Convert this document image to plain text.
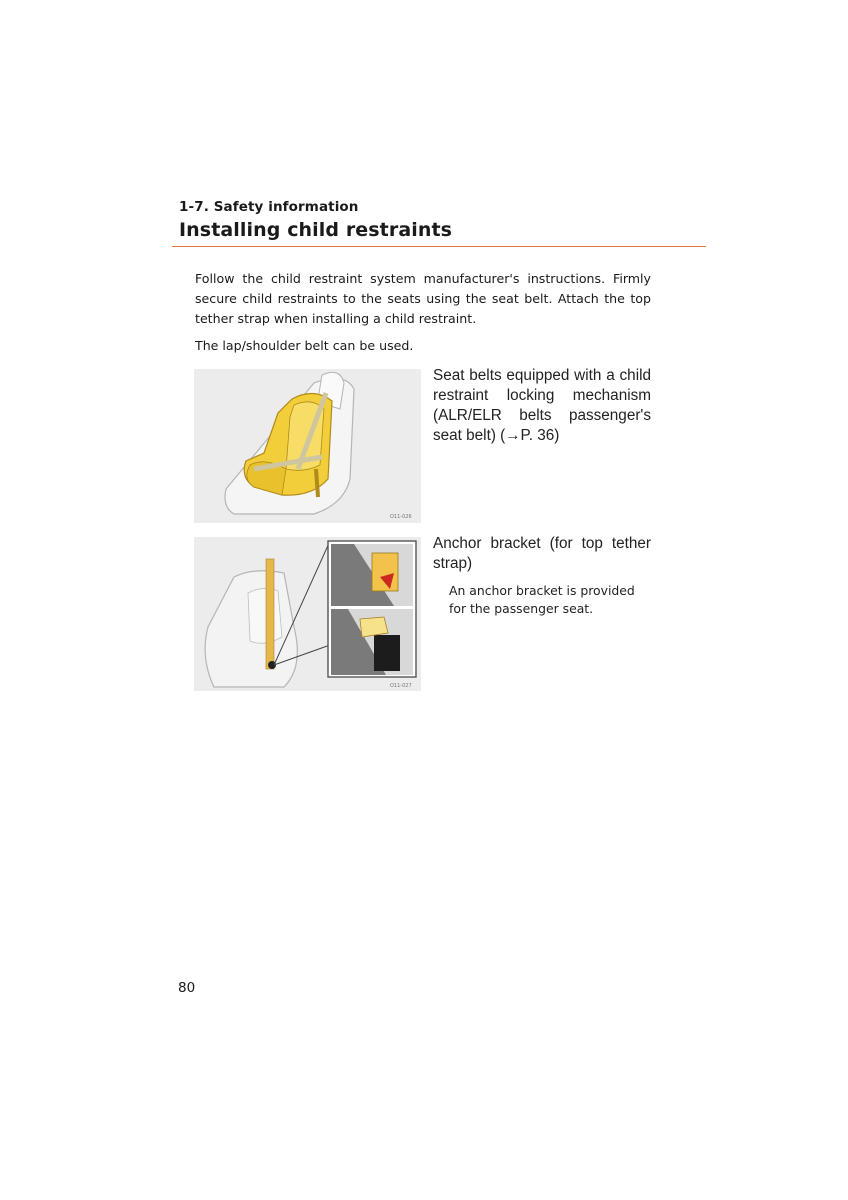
1-7. Safety information
Installing child restraints

Follow the child restraint system manufacturer's instructions. Firmly secure child restraints to the seats using the seat belt. Attach the top tether strap when installing a child restraint.

The lap/shoulder belt can be used.

O11-026
Seat belts equipped with a child restraint locking mechanism (ALR/ELR belts passenger's seat belt) (→P. 36)
O11-027
Anchor bracket (for top tether strap)
An anchor bracket is provided for the passenger seat.
80
